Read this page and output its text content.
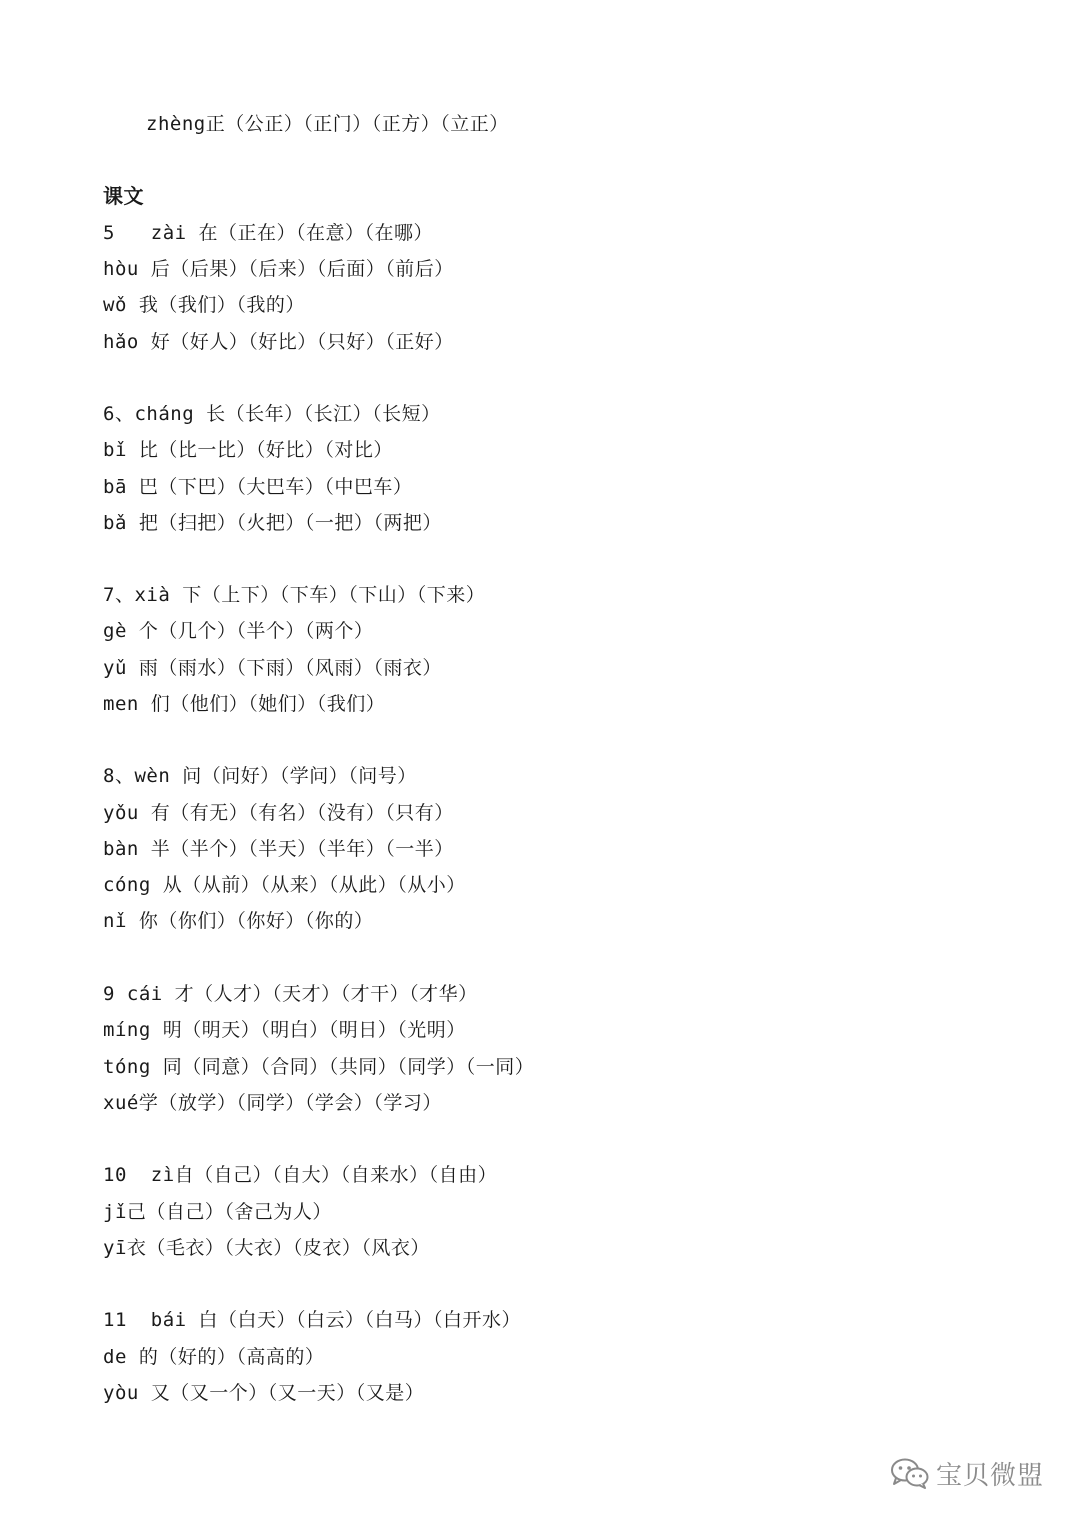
zhèng正（公正）（正门）（正方）（立正）
课文
5   zài 在（正在）（在意）（在哪）
hòu 后（后果）（后来）（后面）（前后）
wǒ 我（我们）（我的）
hǎo 好（好人）（好比）（只好）（正好）
6、cháng 长（长年）（长江）（长短）
bǐ 比（比一比）（好比）（对比）
bā 巴（下巴）（大巴车）（中巴车）
bǎ 把（扫把）（火把）（一把）（两把）
7、xià 下（上下）（下车）（下山）（下来）
gè 个（几个）（半个）（两个）
yǔ 雨（雨水）（下雨）（风雨）（雨衣）
men 们（他们）（她们）（我们）
8、wèn 问（问好）（学问）（问号）
yǒu 有（有无）（有名）（没有）（只有）
bàn 半（半个）（半天）（半年）（一半）
cóng 从（从前）（从来）（从此）（从小）
nǐ 你（你们）（你好）（你的）
9 cái 才（人才）（天才）（才干）（才华）
míng 明（明天）（明白）（明日）（光明）
tóng 同（同意）（合同）（共同）（同学）（一同）
xué学（放学）（同学）（学会）（学习）
10  zì自（自己）（自大）（自来水）（自由）
jǐ己（自己）（舍己为人）
yī衣（毛衣）（大衣）（皮衣）（风衣）
11  bái 白（白天）（白云）（白马）（白开水）
de 的（好的）（高高的）
yòu 又（又一个）（又一天）（又是）
宝贝微盟
